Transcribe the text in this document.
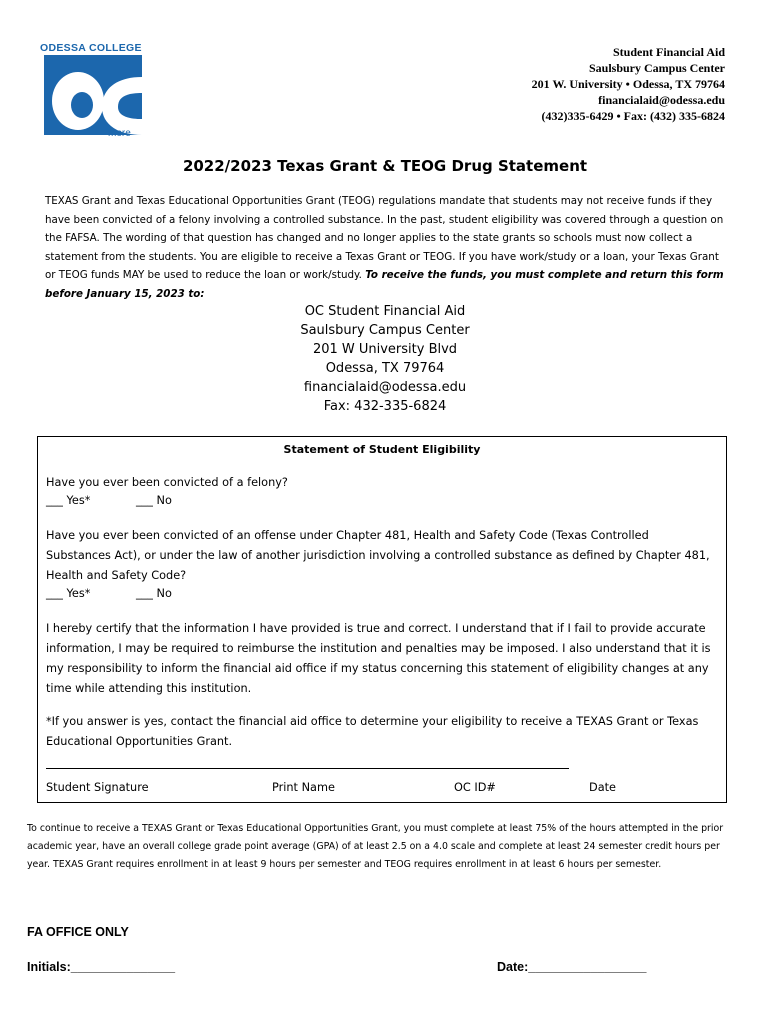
ODESSA COLLEGE
more
Student Financial Aid
Saulsbury Campus Center
201 W. University • Odessa, TX 79764
financialaid@odessa.edu
(432)335-6429 • Fax: (432) 335-6824
2022/2023 Texas Grant & TEOG Drug Statement
TEXAS Grant and Texas Educational Opportunities Grant (TEOG) regulations mandate that students may not receive funds if they have been convicted of a felony involving a controlled substance. In the past, student eligibility was covered through a question on the FAFSA. The wording of that question has changed and no longer applies to the state grants so schools must now collect a statement from the students. You are eligible to receive a Texas Grant or TEOG. If you have work/study or a loan, your Texas Grant or TEOG funds MAY be used to reduce the loan or work/study. To receive the funds, you must complete and return this form before January 15, 2023 to:
OC Student Financial Aid
Saulsbury Campus Center
201 W University Blvd
Odessa, TX 79764
financialaid@odessa.edu
Fax: 432-335-6824
Statement of Student Eligibility
Have you ever been convicted of a felony?
___ Yes*	___ No
Have you ever been convicted of an offense under Chapter 481, Health and Safety Code (Texas Controlled Substances Act), or under the law of another jurisdiction involving a controlled substance as defined by Chapter 481, Health and Safety Code?
___ Yes*	___ No
I hereby certify that the information I have provided is true and correct. I understand that if I fail to provide accurate information, I may be required to reimburse the institution and penalties may be imposed. I also understand that it is my responsibility to inform the financial aid office if my status concerning this statement of eligibility changes at any time while attending this institution.
*If you answer is yes, contact the financial aid office to determine your eligibility to receive a TEXAS Grant or Texas Educational Opportunities Grant.
Student Signature	Print Name	OC ID#	Date
To continue to receive a TEXAS Grant or Texas Educational Opportunities Grant, you must complete at least 75% of the hours attempted in the prior academic year, have an overall college grade point average (GPA) of at least 2.5 on a 4.0 scale and complete at least 24 semester credit hours per year. TEXAS Grant requires enrollment in at least 9 hours per semester and TEOG requires enrollment in at least 6 hours per semester.
FA OFFICE ONLY
Initials:_______________	Date:_________________
